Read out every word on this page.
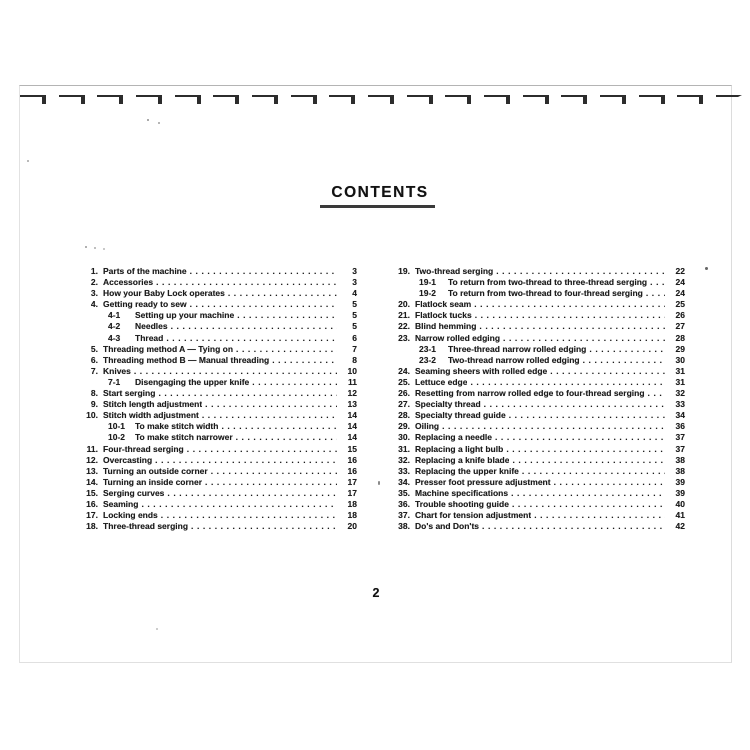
CONTENTS
1. Parts of the machine . . .	3
2. Accessories . . .	3
3. How your Baby Lock operates . . .	4
4. Getting ready to sew . . .	5
4-1	Setting up your machine . . .	5
4-2	Needles . . .	5
4-3	Thread . . .	6
5. Threading method A — Tying on . . .	7
6. Threading method B — Manual threading . . .	8
7. Knives . . .	10
7-1	Disengaging the upper knife . . .	11
8. Start serging . . .	12
9. Stitch length adjustment . . .	13
10. Stitch width adjustment . . .	14
10-1	To make stitch width . . .	14
10-2	To make stitch narrower . . .	14
11. Four-thread serging . . .	15
12. Overcasting . . .	16
13. Turning an outside corner . . .	16
14. Turning an inside corner . . .	17
15. Serging curves . . .	17
16. Seaming . . .	18
17. Locking ends . . .	18
18. Three-thread serging . . .	20
19. Two-thread serging . . .	22
19-1	To return from two-thread to three-thread serging . . .	24
19-2	To return from two-thread to four-thread serging . . .	24
20. Flatlock seam . . .	25
21. Flatlock tucks . . .	26
22. Blind hemming . . .	27
23. Narrow rolled edging . . .	28
23-1	Three-thread narrow rolled edging . . .	29
23-2	Two-thread narrow rolled edging . . .	30
24. Seaming sheers with rolled edge . . .	31
25. Lettuce edge . . .	31
26. Resetting from narrow rolled edge to four-thread serging . . .	32
27. Specialty thread . . .	33
28. Specialty thread guide . . .	34
29. Oiling . . .	36
30. Replacing a needle . . .	37
31. Replacing a light bulb . . .	37
32. Replacing a knife blade . . .	38
33. Replacing the upper knife . . .	38
34. Presser foot pressure adjustment . . .	39
35. Machine specifications . . .	39
36. Trouble shooting guide . . .	40
37. Chart for tension adjustment . . .	41
38. Do's and Don'ts . . .	42
2
